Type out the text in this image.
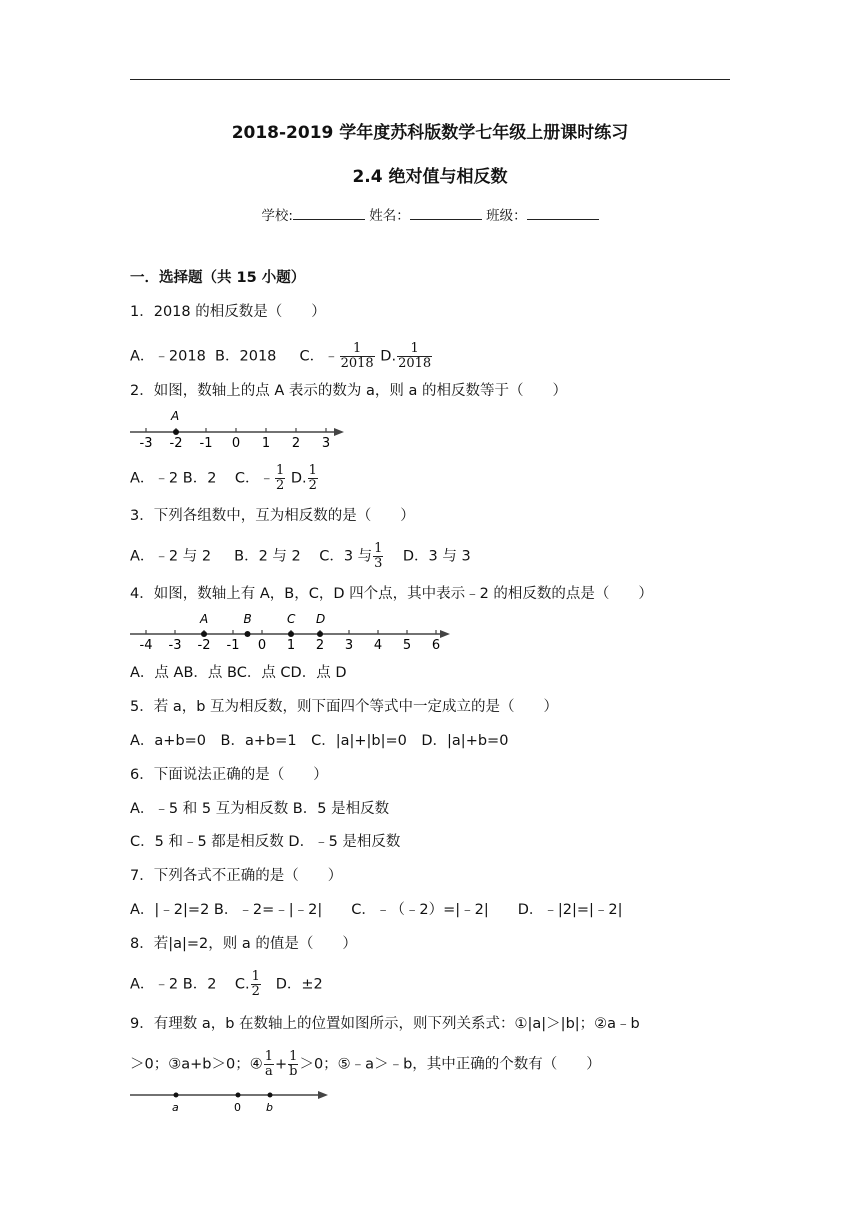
2018-2019 学年度苏科版数学七年级上册课时练习
2.4 绝对值与相反数
学校:	姓名：	班级：
一．选择题（共 15 小题）
1．2018 的相反数是（　　）
A．﹣2018 B．2018 C．﹣ $\frac{1}{2018} D$. $\frac{1}{2018}$
2．如图，数轴上的点 A 表示的数为 a，则 a 的相反数等于（　　）
-3 -2 -1 0 1 2 3
A
A．﹣2 B．2 C．﹣ $\frac{1}{2} D$. $\frac{1}{2}$
3．下列各组数中，互为相反数的是（　　）
A．﹣2 与 2 B．2 与 2 C．3 与 $\frac{1}{3}$ D．3 与 3
4．如图，数轴上有 A，B，C，D 四个点，其中表示﹣2 的相反数的点是（　　）
-4 -3 -2 -1 0 1 2 3 4 5 6
A	B	C D
A．点 AB．点 BC．点 CD．点 D
5．若 a，b 互为相反数，则下面四个等式中一定成立的是（　　）
A．a+b=0　B．a+b=1　C．|a|+|b|=0　D．|a|+b=0
6．下面说法正确的是（　　）
A．﹣5 和 5 互为相反数 B．5 是相反数
C．5 和﹣5 都是相反数 D．﹣5 是相反数
7．下列各式不正确的是（　　）
A．|﹣2|=2 B．﹣2=﹣|﹣2|　　C．﹣（﹣2）=|﹣2|　　D．﹣|2|=|﹣2|
8．若|a|=2，则 a 的值是（　　）
A．﹣2 B．2 C. $\frac{1}{2}$ D．±2
9．有理数 a，b 在数轴上的位置如图所示，则下列关系式：①|a|＞|b|；②a﹣b
＞0；③a+b＞0；④ $\frac{1}{a} + \frac{1}{b} >0$；⑤﹣a＞﹣b，其中正确的个数有（　　）
a	0 b
